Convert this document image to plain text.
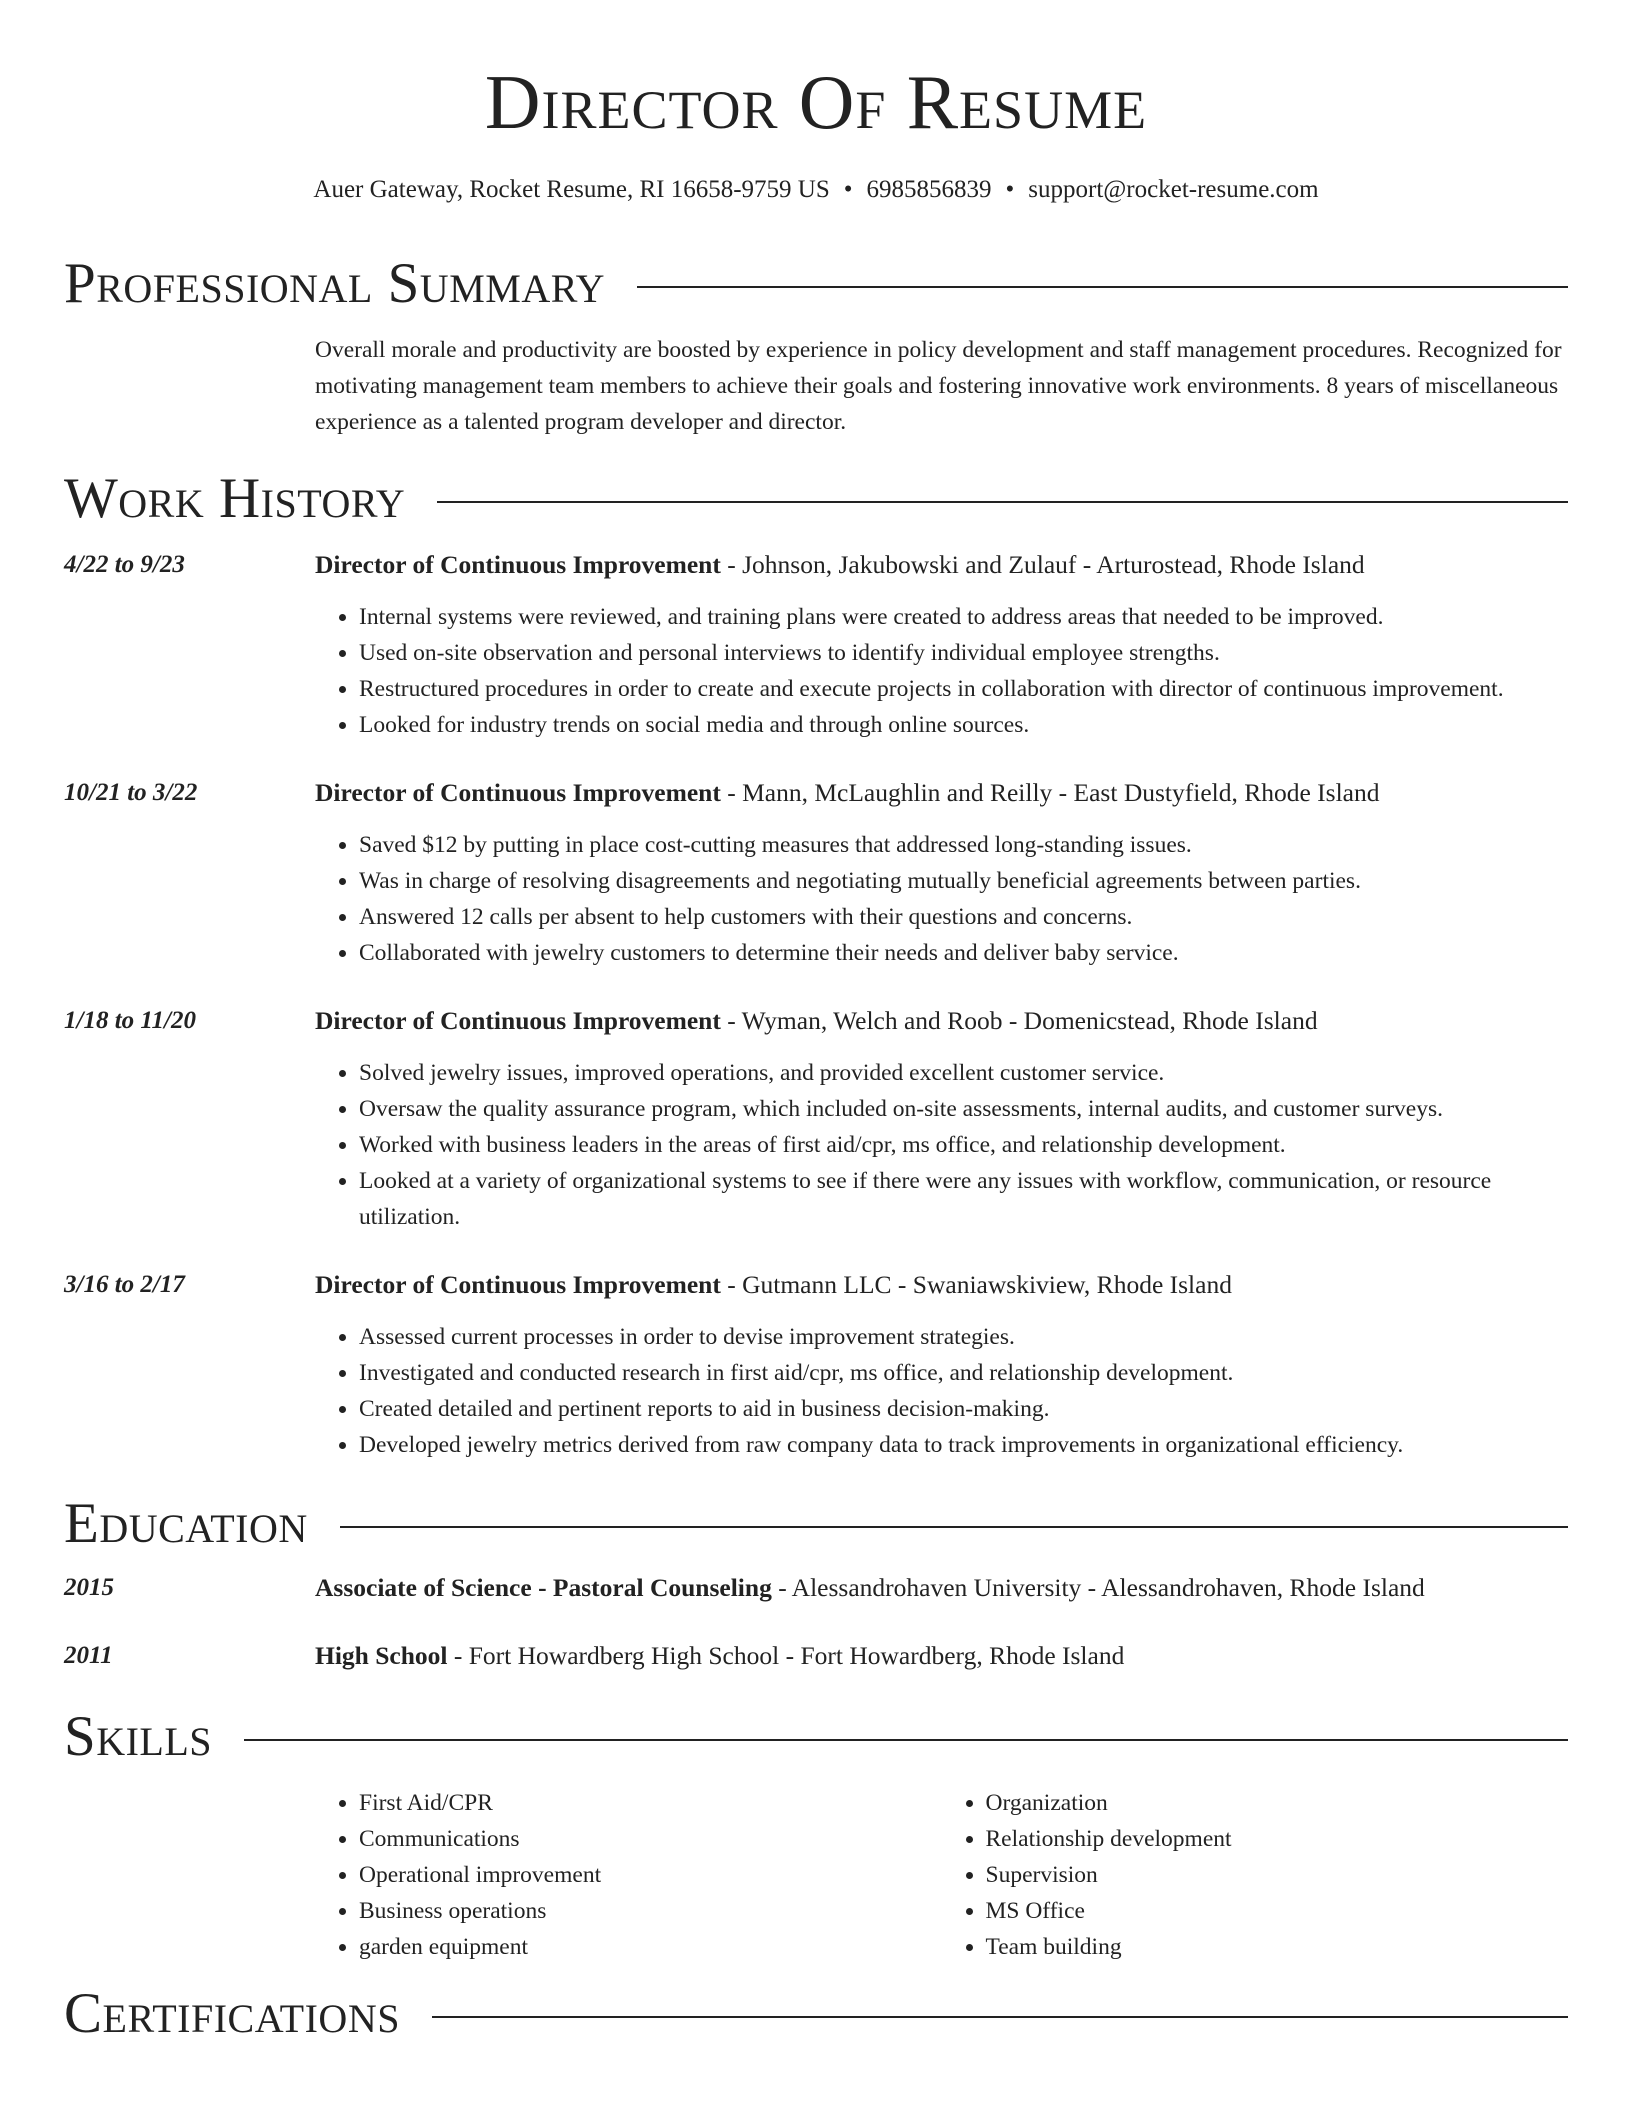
Director Of Resume
Auer Gateway, Rocket Resume, RI 16658-9759 US • 6985856839 • support@rocket-resume.com
Professional Summary
Overall morale and productivity are boosted by experience in policy development and staff management procedures. Recognized for motivating management team members to achieve their goals and fostering innovative work environments. 8 years of miscellaneous experience as a talented program developer and director.
Work History
4/22 to 9/23	Director of Continuous Improvement - Johnson, Jakubowski and Zulauf - Arturostead, Rhode Island
• Internal systems were reviewed, and training plans were created to address areas that needed to be improved.
• Used on-site observation and personal interviews to identify individual employee strengths.
• Restructured procedures in order to create and execute projects in collaboration with director of continuous improvement.
• Looked for industry trends on social media and through online sources.
10/21 to 3/22	Director of Continuous Improvement - Mann, McLaughlin and Reilly - East Dustyfield, Rhode Island
• Saved $12 by putting in place cost-cutting measures that addressed long-standing issues.
• Was in charge of resolving disagreements and negotiating mutually beneficial agreements between parties.
• Answered 12 calls per absent to help customers with their questions and concerns.
• Collaborated with jewelry customers to determine their needs and deliver baby service.
1/18 to 11/20	Director of Continuous Improvement - Wyman, Welch and Roob - Domenicstead, Rhode Island
• Solved jewelry issues, improved operations, and provided excellent customer service.
• Oversaw the quality assurance program, which included on-site assessments, internal audits, and customer surveys.
• Worked with business leaders in the areas of first aid/cpr, ms office, and relationship development.
• Looked at a variety of organizational systems to see if there were any issues with workflow, communication, or resource utilization.
3/16 to 2/17	Director of Continuous Improvement - Gutmann LLC - Swaniawskiview, Rhode Island
• Assessed current processes in order to devise improvement strategies.
• Investigated and conducted research in first aid/cpr, ms office, and relationship development.
• Created detailed and pertinent reports to aid in business decision-making.
• Developed jewelry metrics derived from raw company data to track improvements in organizational efficiency.
Education
2015	Associate of Science - Pastoral Counseling - Alessandrohaven University - Alessandrohaven, Rhode Island
2011	High School - Fort Howardberg High School - Fort Howardberg, Rhode Island
Skills
• First Aid/CPR
• Communications
• Operational improvement
• Business operations
• garden equipment
• Organization
• Relationship development
• Supervision
• MS Office
• Team building
Certifications
